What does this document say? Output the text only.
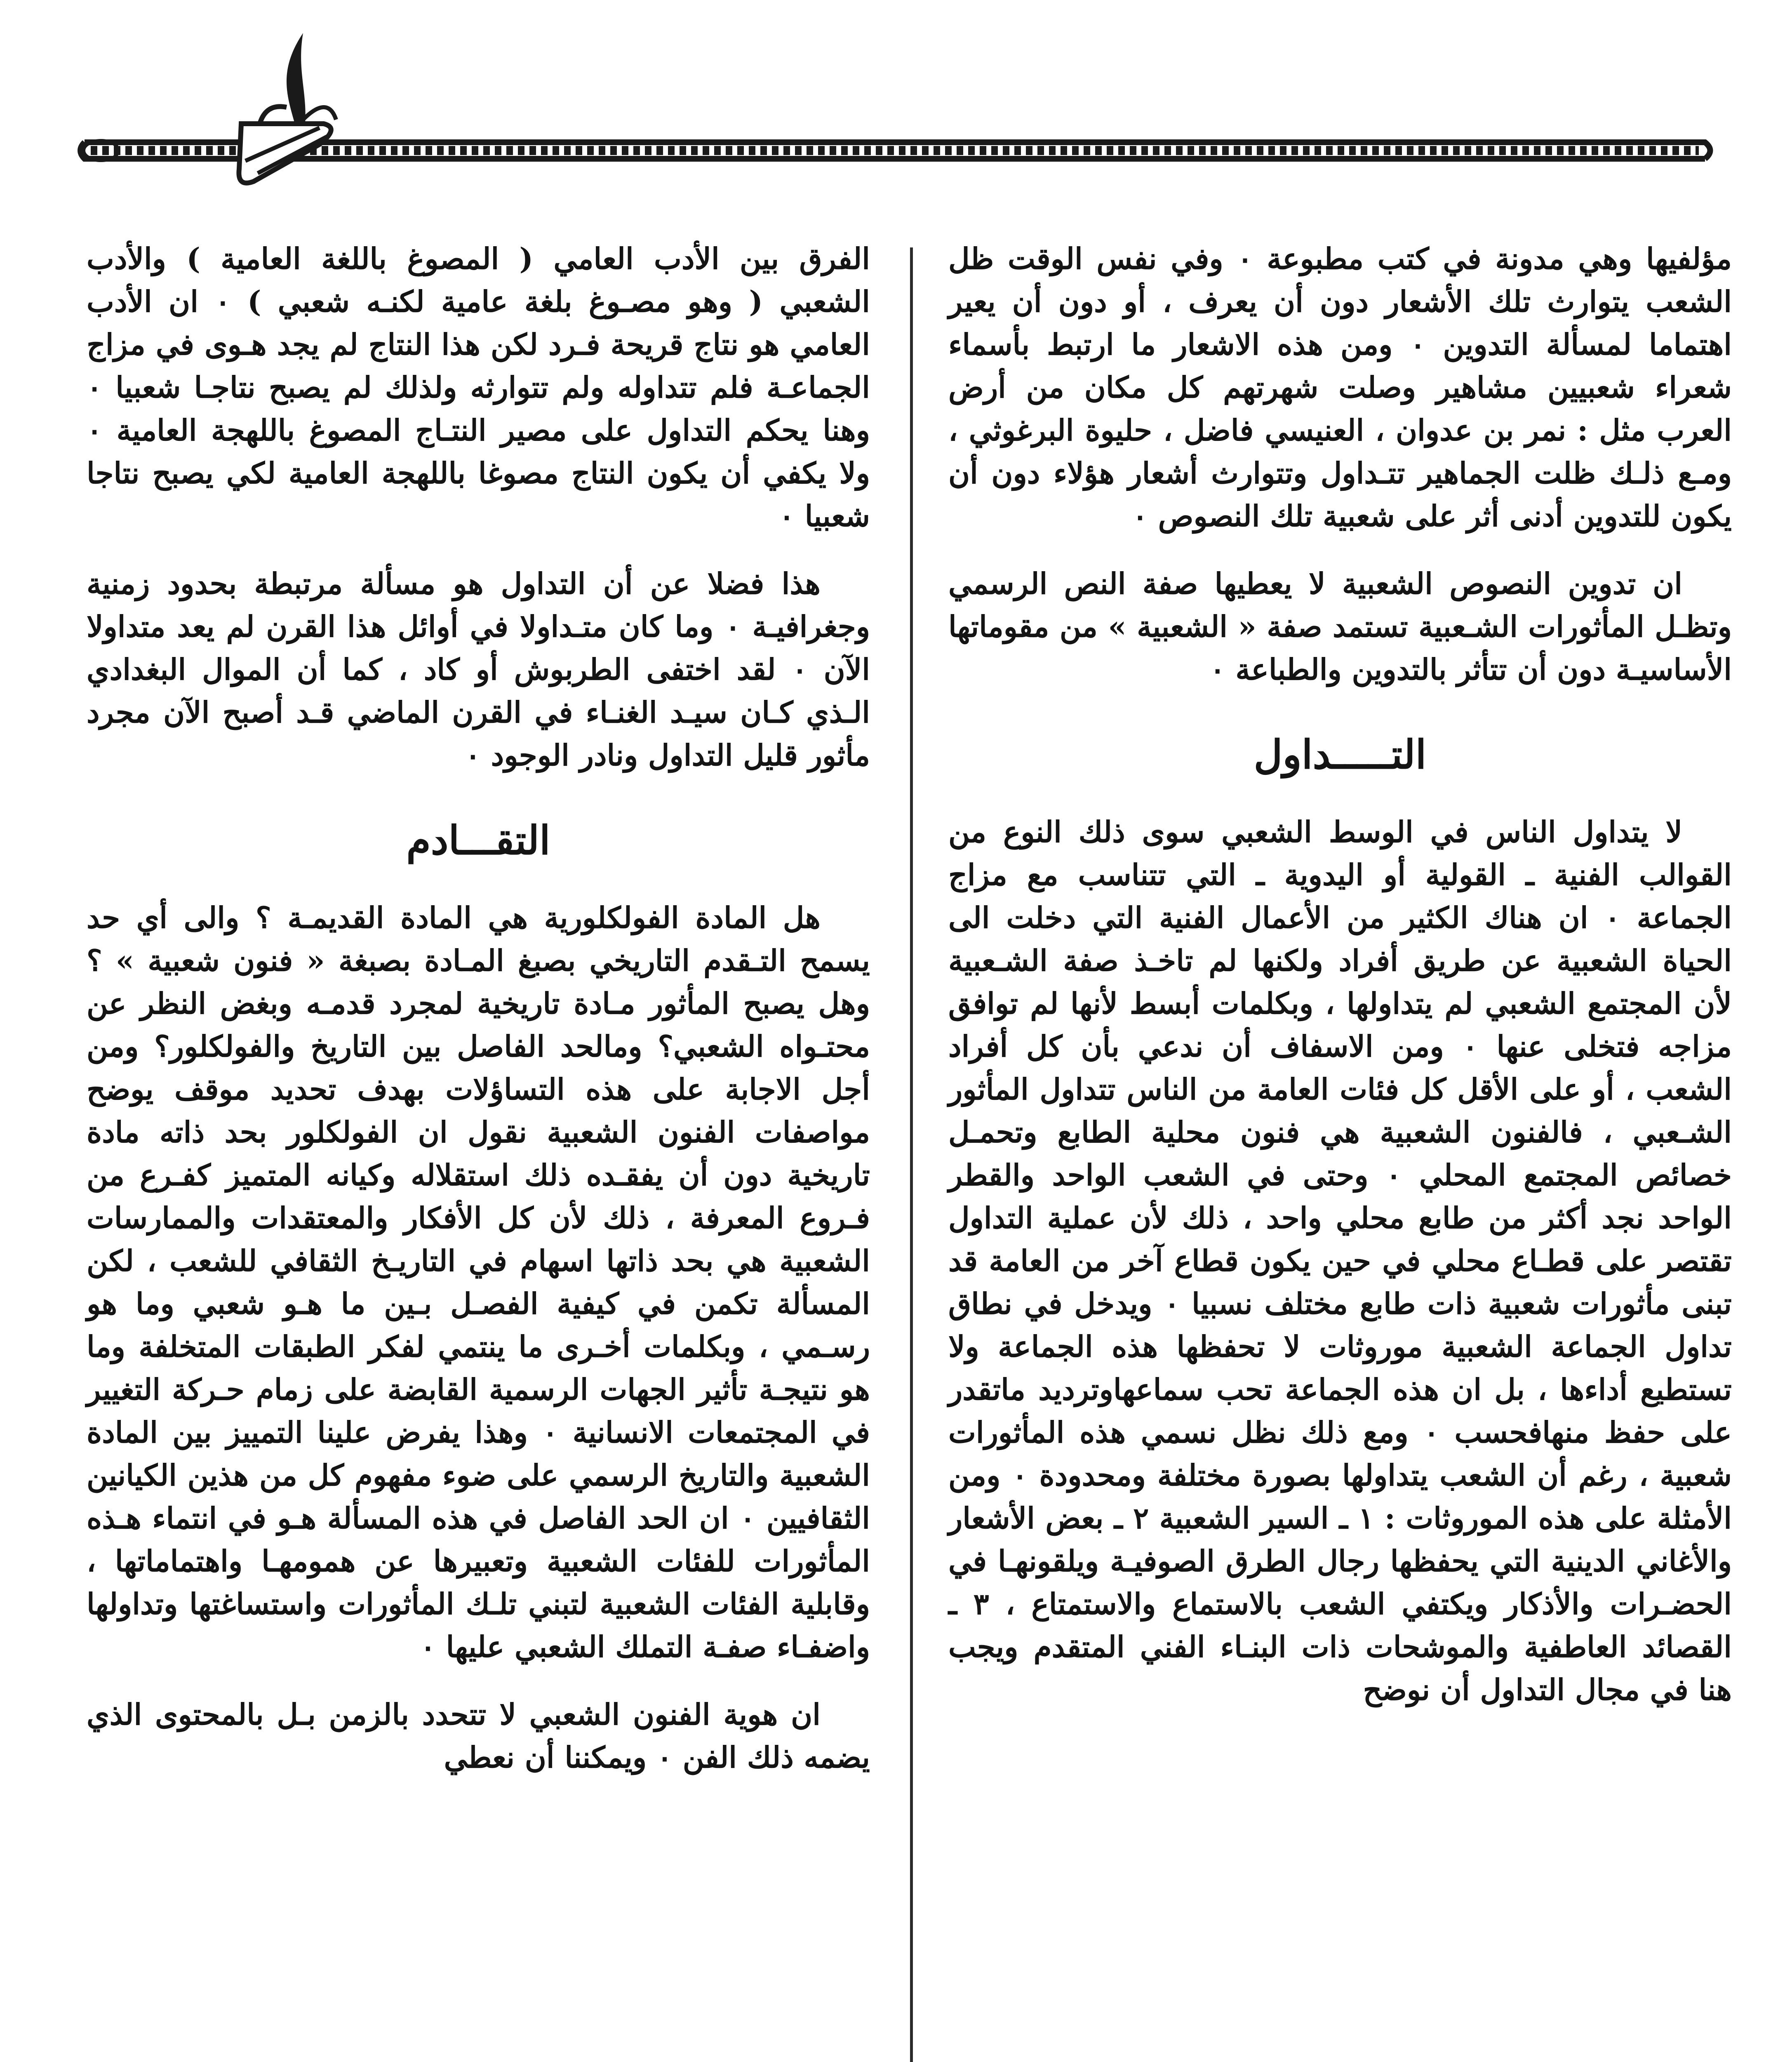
مؤلفيها وهي مدونة في كتب مطبوعة ٠ وفي نفس الوقت ظل الشعب يتوارث تلك الأشعار دون أن يعرف ، أو دون أن يعير اهتماما لمسألة التدوين ٠ ومن هذه الاشعار ما ارتبط بأسماء شعراء شعبيين مشاهير وصلت شهرتهم كل مكان من أرض العرب مثل : نمر بن عدوان ، العنيسي فاضل ، حليوة البرغوثي ، ومـع ذلـك ظلت الجماهير تتـداول وتتوارث أشعار هؤلاء دون أن يكون للتدوين أدنى أثر على شعبية تلك النصوص ٠

ان تدوين النصوص الشعبية لا يعطيها صفة النص الرسمي وتظـل المأثورات الشـعبية تستمد صفة « الشعبية » من مقوماتها الأساسيـة دون أن تتأثر بالتدوين والطباعة ٠

التـــــداول

لا يتداول الناس في الوسط الشعبي سوى ذلك النوع من القوالب الفنية ـ القولية أو اليدوية ـ التي تتناسب مع مزاج الجماعة ٠ ان هناك الكثير من الأعمال الفنية التي دخلت الى الحياة الشعبية عن طريق أفراد ولكنها لم تاخـذ صفة الشـعبية لأن المجتمع الشعبي لم يتداولها ، وبكلمات أبسط لأنها لم توافق مزاجه فتخلى عنها ٠ ومن الاسفاف أن ندعي بأن كل أفراد الشعب ، أو على الأقل كل فئات العامة من الناس تتداول المأثور الشـعبي ، فالفنون الشعبية هي فنون محلية الطابع وتحمـل خصائص المجتمع المحلي ٠ وحتى في الشعب الواحد والقطر الواحد نجد أكثر من طابع محلي واحد ، ذلك لأن عملية التداول تقتصر على قطـاع محلي في حين يكون قطاع آخر من العامة قد تبنى مأثورات شعبية ذات طابع مختلف نسبيا ٠ ويدخل في نطاق تداول الجماعة الشعبية موروثات لا تحفظها هذه الجماعة ولا تستطيع أداءها ، بل ان هذه الجماعة تحب سماعهاوترديد ماتقدر على حفظ منهافحسب ٠ ومع ذلك نظل نسمي هذه المأثورات شعبية ، رغم أن الشعب يتداولها بصورة مختلفة ومحدودة ٠ ومن الأمثلة على هذه الموروثات : ١ ـ السير الشعبية ٢ ـ بعض الأشعار والأغاني الدينية التي يحفظها رجال الطرق الصوفيـة ويلقونهـا في الحضـرات والأذكار ويكتفي الشعب بالاستماع والاستمتاع ، ٣ ـ القصائد العاطفية والموشحات ذات البنـاء الفني المتقدم ويجب هنا في مجال التداول أن نوضح

الفرق بين الأدب العامي ( المصوغ باللغة العامية ) والأدب الشعبي ( وهو مصـوغ بلغة عامية لكنـه شعبي ) ٠ ان الأدب العامي هو نتاج قريحة فـرد لكن هذا النتاج لم يجد هـوى في مزاج الجماعـة فلم تتداوله ولم تتوارثه ولذلك لم يصبح نتاجـا شعبيا ٠ وهنا يحكم التداول على مصير النتـاج المصوغ باللهجة العامية ٠ ولا يكفي أن يكون النتاج مصوغا باللهجة العامية لكي يصبح نتاجا شعبيا ٠

هذا فضلا عن أن التداول هو مسألة مرتبطة بحدود زمنية وجغرافيـة ٠ وما كان متـداولا في أوائل هذا القرن لم يعد متداولا الآن ٠ لقد اختفى الطربوش أو كاد ، كما أن الموال البغدادي الـذي كـان سيـد الغنـاء في القرن الماضي قـد أصبح الآن مجرد مأثور قليل التداول ونادر الوجود ٠

التقـــادم

هل المادة الفولكلورية هي المادة القديمـة ؟ والى أي حد يسمح التـقدم التاريخي بصبغ المـادة بصبغة « فنون شعبية » ؟ وهل يصبح المأثور مـادة تاريخية لمجرد قدمـه وبغض النظر عن محتـواه الشعبي؟ ومالحد الفاصل بين التاريخ والفولكلور؟ ومن أجل الاجابة على هذه التساؤلات بهدف تحديد موقف يوضح مواصفات الفنون الشعبية نقول ان الفولكلور بحد ذاته مادة تاريخية دون أن يفقـده ذلك استقلاله وكيانه المتميز كفـرع من فـروع المعرفة ، ذلك لأن كل الأفكار والمعتقدات والممارسات الشعبية هي بحد ذاتها اسهام في التاريـخ الثقافي للشعب ، لكن المسألة تكمن في كيفية الفصـل بـين ما هـو شعبي وما هو رسـمي ، وبكلمات أخـرى ما ينتمي لفكر الطبقات المتخلفة وما هو نتيجـة تأثير الجهات الرسمية القابضة على زمام حـركة التغيير في المجتمعات الانسانية ٠ وهذا يفرض علينا التمييز بين المادة الشعبية والتاريخ الرسمي على ضوء مفهوم كل من هذين الكيانين الثقافيين ٠ ان الحد الفاصل في هذه المسألة هـو في انتماء هـذه المأثورات للفئات الشعبية وتعبيرها عن همومهـا واهتماماتها ، وقابلية الفئات الشعبية لتبني تلـك المأثورات واستساغتها وتداولها واضفـاء صفـة التملك الشعبي عليها ٠

ان هوية الفنون الشعبي لا تتحدد بالزمن بـل بالمحتوى الذي يضمه ذلك الفن ٠ ويمكننا أن نعطي
